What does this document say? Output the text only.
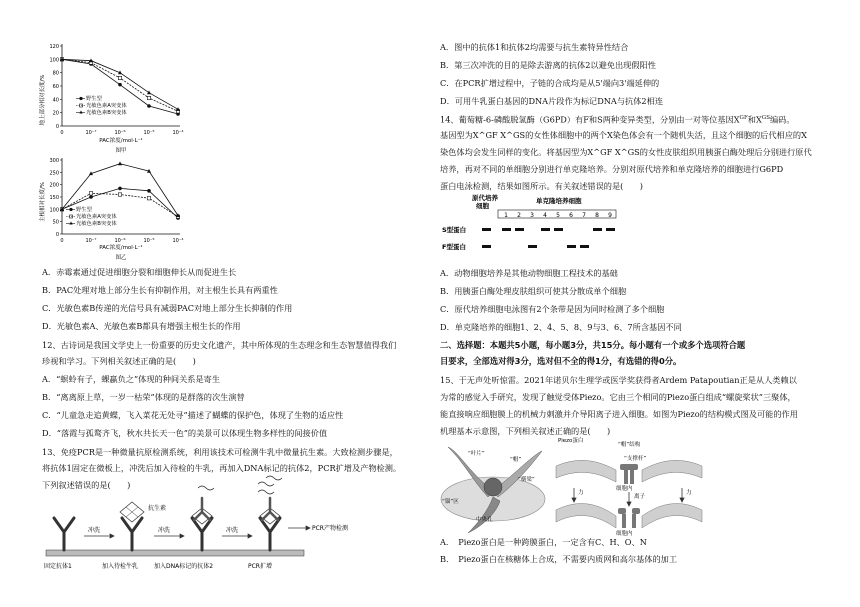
地上部分相对长度/%
120
100
80
60
40
20
0
0	10⁻⁷	10⁻⁶	10⁻⁵	10⁻⁴
野生型
光敏色素A突变体
光敏色素B突变体
PAC浓度/mol·L⁻¹
图甲
主根相对长度/%
300
250
200
150
100
50
0
0	10⁻⁷	10⁻⁶	10⁻⁵	10⁻⁴
野生型
光敏色素A突变体
光敏色素B突变体
PAC浓度/mol·L⁻¹
图乙
A．赤霉素通过促进细胞分裂和细胞伸长从而促进生长
B．PAC处理对地上部分生长有抑制作用，对主根生长具有两重性
C．光敏色素B传递的光信号具有减弱PAC对地上部分生长抑制的作用
D．光敏色素A、光敏色素B都具有增强主根生长的作用
12、古诗词是我国文学史上一份重要的历史文化遗产，其中所体现的生态理念和生态智慧值得我们
珍视和学习。下列相关叙述正确的是(　　)
A．“螟蛉有子，蜾蠃负之”体现的种间关系是寄生
B．“离离原上草，一岁一枯荣”体现的是群落的次生演替
C．“儿童急走追黄蝶，飞入菜花无处寻”描述了蝴蝶的保护色，体现了生物的适应性
D．“落霞与孤鹜齐飞，秋水共长天一色”的美景可以体现生物多样性的间接价值
13、免疫PCR是一种微量抗原检测系统，利用该技术可检测牛乳中微量抗生素。大致检测步骤是，
将抗体1固定在微板上，冲洗后加入待检的牛乳，再加入DNA标记的抗体2，PCR扩增及产物检测。
下列叙述错误的是(　　)
抗生素
冲洗	冲洗	冲洗	PCR产物检测
固定抗体1	加入待检牛乳	加入DNA标记的抗体2	PCR扩增
A．图中的抗体1和抗体2均需要与抗生素特异性结合
B．第三次冲洗的目的是除去游离的抗体2以避免出现假阳性
C．在PCR扩增过程中，子链的合成均是从5'端向3'端延伸的
D．可用牛乳蛋白基因的DNA片段作为标记DNA与抗体2相连
14、葡萄糖-6-磷酸脱氢酶（G6PD）有F和S两种变异类型，分别由一对等位基因$X^{GF}$和$X^{GS}$编码。
基因型为X^GF X^GS的女性体细胞中的两个X染色体会有一个随机失活，且这个细胞的后代相应的X
染色体均会发生同样的变化。将基因型为X^GF X^GS的女性皮肤组织用胰蛋白酶处理后分别进行原代
培养，再对不同的单细胞分别进行单克隆培养。分别对原代培养和单克隆培养的细胞进行G6PD
蛋白电泳检测，结果如图所示。有关叙述错误的是(　　)
原代培养
细胞
单克隆培养细胞
1 2 3 4 5 6 7 8 9
S型蛋白
F型蛋白
A．动物细胞培养是其他动物细胞工程技术的基础
B．用胰蛋白酶处理皮肤组织可使其分散成单个细胞
C．原代培养细胞电泳图有2个条带是因为同时检测了多个细胞
D．单克隆培养的细胞1、2、4、5、8、9与3、6、7所含基因不同
二、选择题：本题共5小题，每小题3分，共15分。每小题有一个或多个选项符合题
目要求，全部选对得3分，选对但不全的得1分，有选错的得0分。
15、于无声处听惊雷。2021年诺贝尔生理学或医学奖获得者Ardem Patapoutian正是从人类赖以
为常的感觉入手研究，发现了触觉受体Piezo。它由三个相同的Piezo蛋白组成“螺旋桨状”三聚体，
能直接响应细胞膜上的机械力刺激并介导阳离子进入细胞。如图为Piezo的结构模式图及可能的作用
机理基本示意图，下列相关叙述正确的是(　　)
“叶片”
“帽”
“横梁”
“锚”区
中央孔
Piezo蛋白
“帽”结构
“支撑杆”
力	力
离子
细胞内
细胞内
A．　Piezo蛋白是一种跨膜蛋白，一定含有C、H、O、N
B．　Piezo蛋白在核糖体上合成，不需要内质网和高尔基体的加工
